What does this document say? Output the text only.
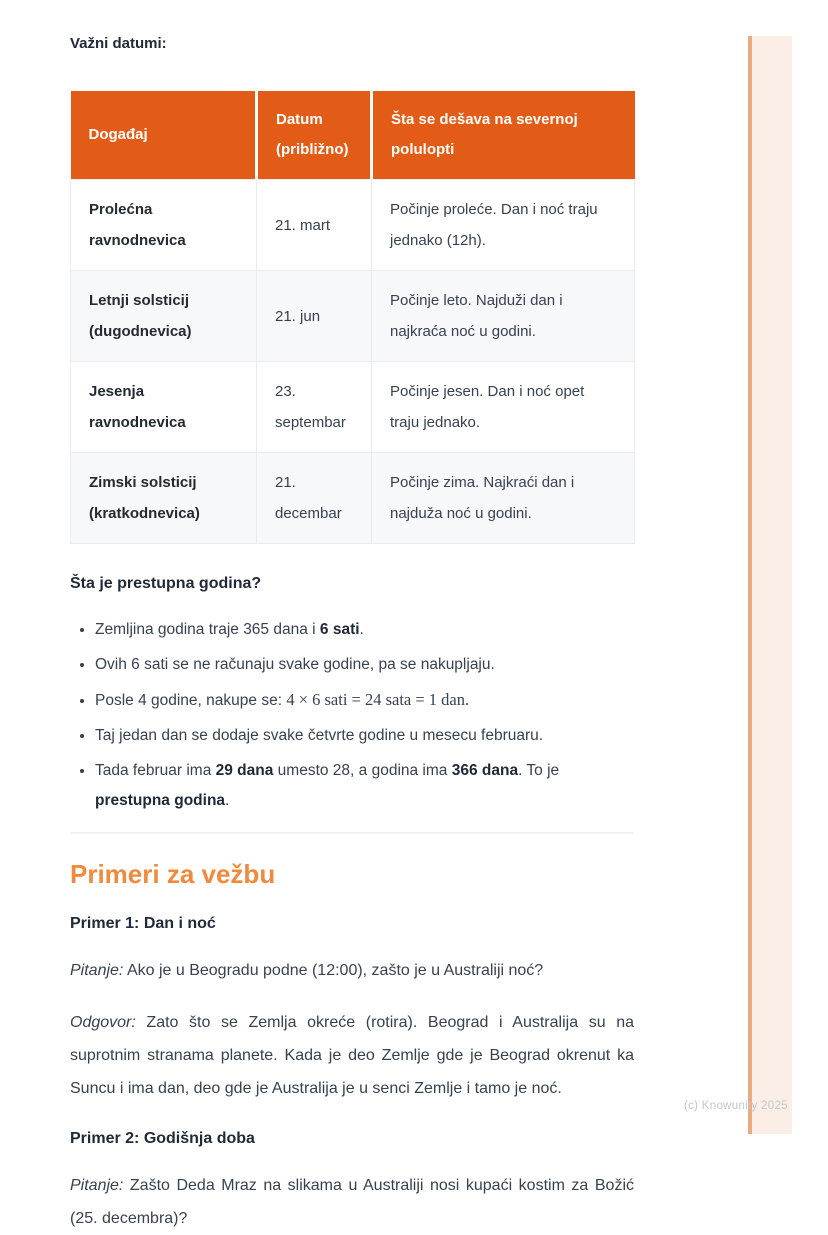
Važni datumi:

Događaj	Datum (približno)	Šta se dešava na severnoj polulopti
Prolećna ravnodnevica	21. mart	Počinje proleće. Dan i noć traju jednako (12h).
Letnji solsticij (dugodnevica)	21. jun	Počinje leto. Najduži dan i najkraća noć u godini.
Jesenja ravnodnevica	23. septembar	Počinje jesen. Dan i noć opet traju jednako.
Zimski solsticij (kratkodnevica)	21. decembar	Počinje zima. Najkraći dan i najduža noć u godini.

Šta je prestupna godina?

• Zemljina godina traje 365 dana i 6 sati.
• Ovih 6 sati se ne računaju svake godine, pa se nakupljaju.
• Posle 4 godine, nakupe se: 4 × 6 sati = 24 sata = 1 dan.
• Taj jedan dan se dodaje svake četvrte godine u mesecu februaru.
• Tada februar ima 29 dana umesto 28, a godina ima 366 dana. To je prestupna godina.
Primeri za vežbu

Primer 1: Dan i noć

Pitanje: Ako je u Beogradu podne (12:00), zašto je u Australiji noć?

Odgovor: Zato što se Zemlja okreće (rotira). Beograd i Australija su na suprotnim stranama planete. Kada je deo Zemlje gde je Beograd okrenut ka Suncu i ima dan, deo gde je Australija je u senci Zemlje i tamo je noć.

Primer 2: Godišnja doba

Pitanje: Zašto Deda Mraz na slikama u Australiji nosi kupaći kostim za Božić (25. decembra)?

(c) Knowunity 2025
